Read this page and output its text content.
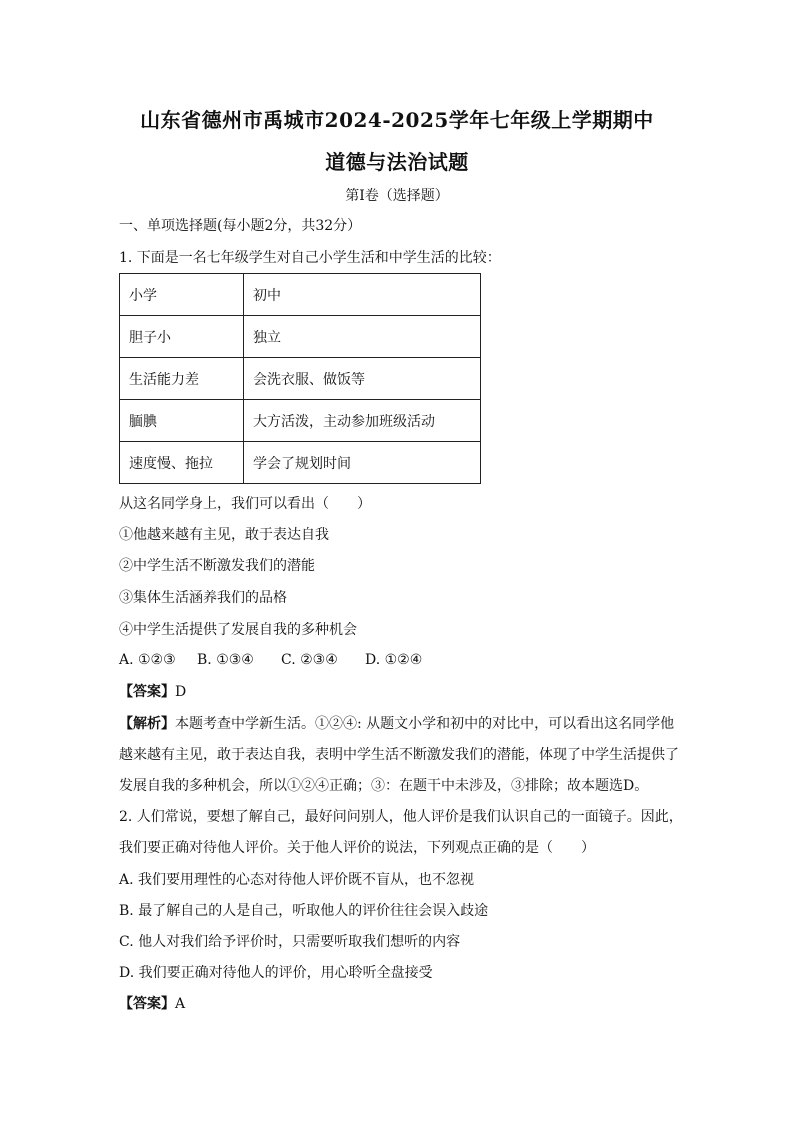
山东省德州市禹城市2024-2025学年七年级上学期期中
道德与法治试题
第Ⅰ卷（选择题）
一、单项选择题(每小题2分，共32分）
1. 下面是一名七年级学生对自己小学生活和中学生活的比较：
小学	初中
胆子小	独立
生活能力差	会洗衣服、做饭等
腼腆	大方活泼，主动参加班级活动
速度慢、拖拉	学会了规划时间
从这名同学身上，我们可以看出（　　）
①他越来越有主见，敢于表达自我
②中学生活不断激发我们的潜能
③集体生活涵养我们的品格
④中学生活提供了发展自我的多种机会
A. ①②③ B. ①③④ C. ②③④ D. ①②④
【答案】D
【解析】本题考查中学新生活。①②④: 从题文小学和初中的对比中，可以看出这名同学他
越来越有主见，敢于表达自我，表明中学生活不断激发我们的潜能，体现了中学生活提供了
发展自我的多种机会，所以①②④正确；③：在题干中未涉及，③排除；故本题选D。
2. 人们常说，要想了解自己，最好问问别人，他人评价是我们认识自己的一面镜子。因此，
我们要正确对待他人评价。关于他人评价的说法，下列观点正确的是（　　）
A. 我们要用理性的心态对待他人评价既不盲从，也不忽视
B. 最了解自己的人是自己，听取他人的评价往往会误入歧途
C. 他人对我们给予评价时，只需要听取我们想听的内容
D. 我们要正确对待他人的评价，用心聆听全盘接受
【答案】A
